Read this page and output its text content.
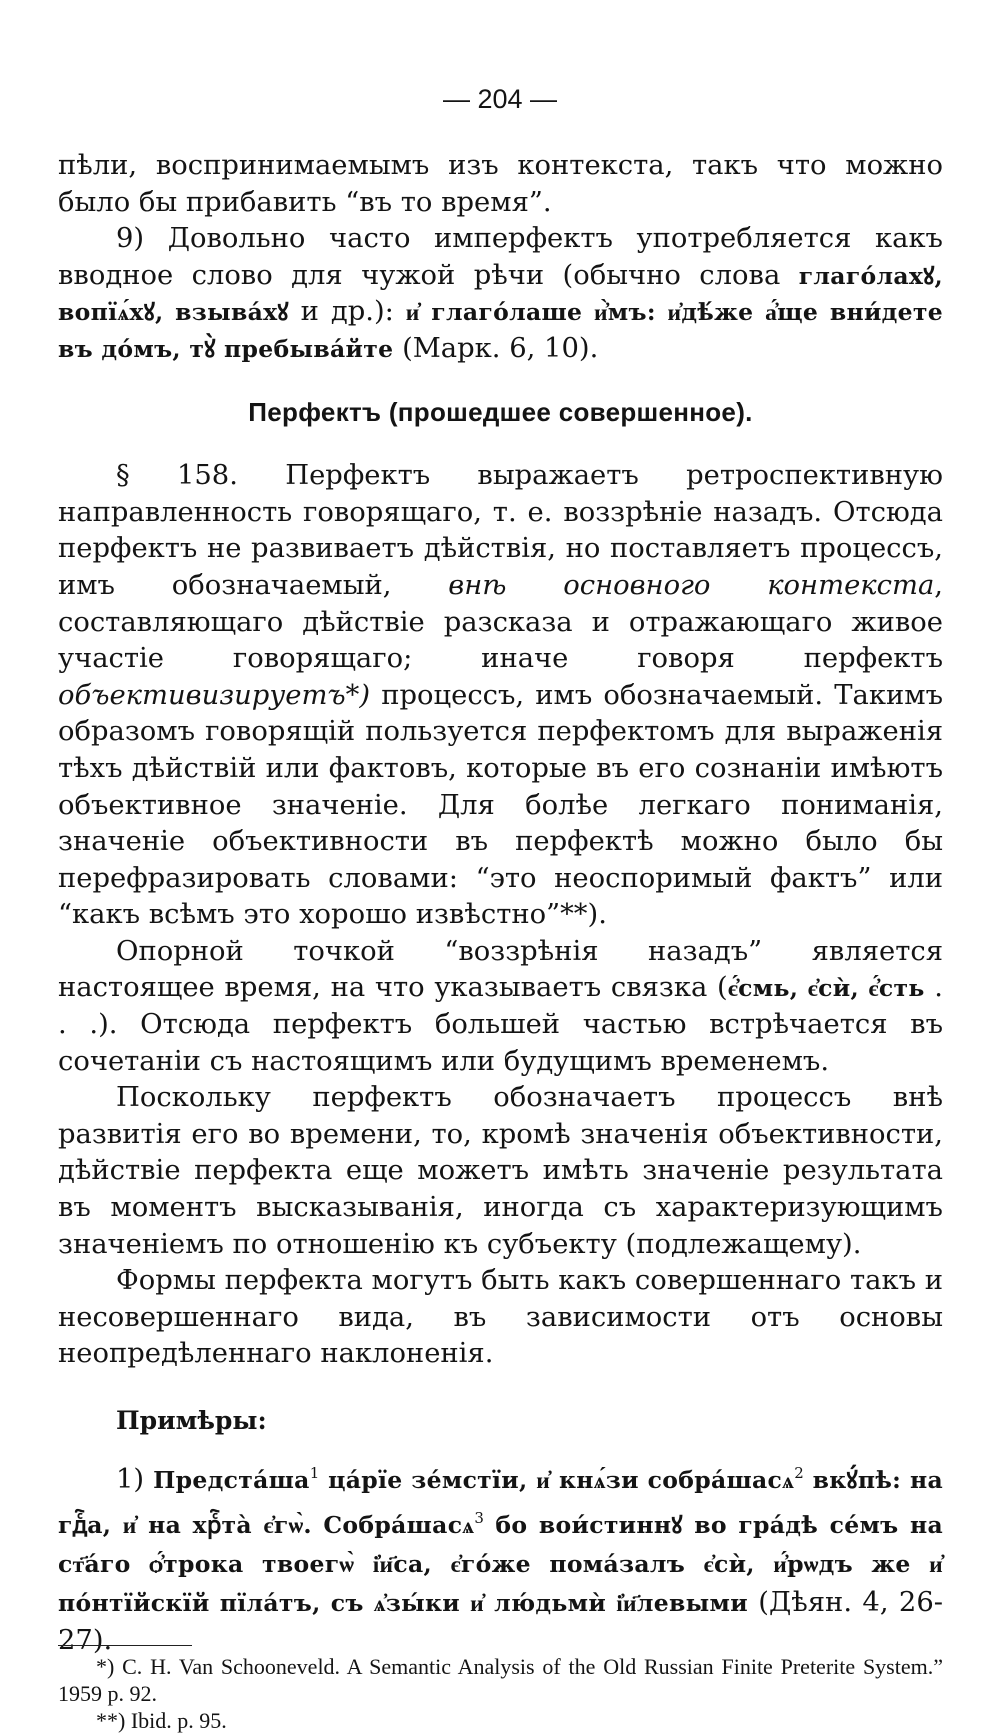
— 204 —

пѣли, воспринимаемымъ изъ контекста, такъ что можно было бы прибавить “въ то время”.

9) Довольно часто имперфектъ употребляется какъ вводное слово для чужой рѣчи (обычно слова глаго́лахꙋ, вопїѧ́хꙋ, взыва́хꙋ и др.): и҆ глаго́лаше и҆̀мъ: и҆дѣ́же а҆́ще вни́дете въ до́мъ, тꙋ̀ пребыва́йте (Марк. 6, 10).

Перфектъ (прошедшее совершенное).

§ 158. Перфектъ выражаетъ ретроспективную направленность говорящаго, т. е. воззрѣніе назадъ. Отсюда перфектъ не развиваетъ дѣйствія, но поставляетъ процессъ, имъ обозначаемый, внѣ основного контекста, составляющаго дѣйствіе разсказа и отражающаго живое участіе говорящаго; иначе говоря перфектъ объективизируетъ*) процессъ, имъ обозначаемый. Такимъ образомъ говорящій пользуется перфектомъ для выраженія тѣхъ дѣйствій или фактовъ, которые въ его сознаніи имѣютъ объективное значеніе. Для болѣе легкаго пониманія, значеніе объективности въ перфектѣ можно было бы перефразировать словами: “это неоспоримый фактъ” или “какъ всѣмъ это хорошо извѣстно”**).

Опорной точкой “воззрѣнія назадъ” является настоящее время, на что указываетъ связка (є҆́смь, є҆сѝ, є҆́сть . . .). Отсюда перфектъ большей частью встрѣчается въ сочетаніи съ настоящимъ или будущимъ временемъ.

Поскольку перфектъ обозначаетъ процессъ внѣ развитія его во времени, то, кромѣ значенія объективности, дѣйствіе перфекта еще можетъ имѣть значеніе результата въ моментъ высказыванія, иногда съ характеризующимъ значеніемъ по отношенію къ субъекту (подлежащему).

Формы перфекта могутъ быть какъ совершеннаго такъ и несовершеннаго вида, въ зависимости отъ основы неопредѣленнаго наклоненія.

Примѣры:

1) $Предста́ша^1$ ца́рїе зе́мстїи, и҆ кнѧ́зи собра́шасѧ$^2$ вкꙋ́пѣ: на гдⷭ҇а, и҆ на хрⷭ҇та̀ є҆гѡ̀. Собра́шасѧ$^3$ бо вои́стиннꙋ во гра́дѣ се́мъ на ст҃а́го ѻ҆́трока твоегѡ̀ і҆и҃са, є҆го́же пома́залъ є҆сѝ, и҆́рѡдъ же и҆ по́нтїйскїй пїла́тъ, съ ѧ҆зы́ки и҆ лю́дьмѝ і҆и҃левыми (Дѣян. 4, 26-27).

*) C. H. Van Schooneveld. A Semantic Analysis of the Old Russian Finite Preterite System.” 1959 p. 92.

**) Ibid. p. 95.
